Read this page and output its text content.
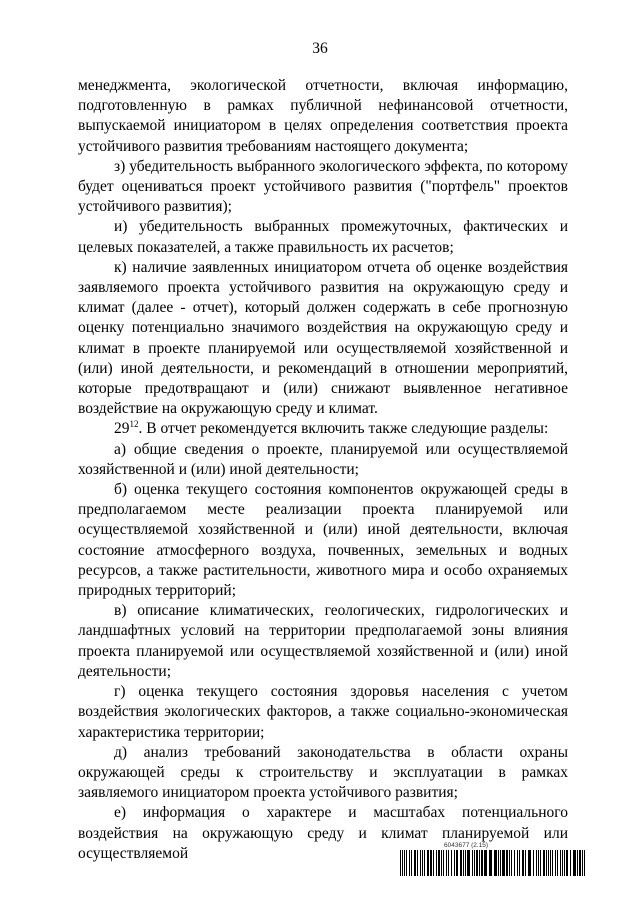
36

менеджмента, экологической отчетности, включая информацию, подготовленную в рамках публичной нефинансовой отчетности, выпускаемой инициатором в целях определения соответствия проекта устойчивого развития требованиям настоящего документа;

з) убедительность выбранного экологического эффекта, по которому будет оцениваться проект устойчивого развития ("портфель" проектов устойчивого развития);

и) убедительность выбранных промежуточных, фактических и целевых показателей, а также правильность их расчетов;

к) наличие заявленных инициатором отчета об оценке воздействия заявляемого проекта устойчивого развития на окружающую среду и климат (далее - отчет), который должен содержать в себе прогнозную оценку потенциально значимого воздействия на окружающую среду и климат в проекте планируемой или осуществляемой хозяйственной и (или) иной деятельности, и рекомендаций в отношении мероприятий, которые предотвращают и (или) снижают выявленное негативное воздействие на окружающую среду и климат.

$29^{12}$. В отчет рекомендуется включить также следующие разделы:

а) общие сведения о проекте, планируемой или осуществляемой хозяйственной и (или) иной деятельности;

б) оценка текущего состояния компонентов окружающей среды в предполагаемом месте реализации проекта планируемой или осуществляемой хозяйственной и (или) иной деятельности, включая состояние атмосферного воздуха, почвенных, земельных и водных ресурсов, а также растительности, животного мира и особо охраняемых природных территорий;

в) описание климатических, геологических, гидрологических и ландшафтных условий на территории предполагаемой зоны влияния проекта планируемой или осуществляемой хозяйственной и (или) иной деятельности;

г) оценка текущего состояния здоровья населения с учетом воздействия экологических факторов, а также социально-экономическая характеристика территории;

д) анализ требований законодательства в области охраны окружающей среды к строительству и эксплуатации в рамках заявляемого инициатором проекта устойчивого развития;

е) информация о характере и масштабах потенциального воздействия на окружающую среду и климат планируемой или осуществляемой	6043677 (2.15)
